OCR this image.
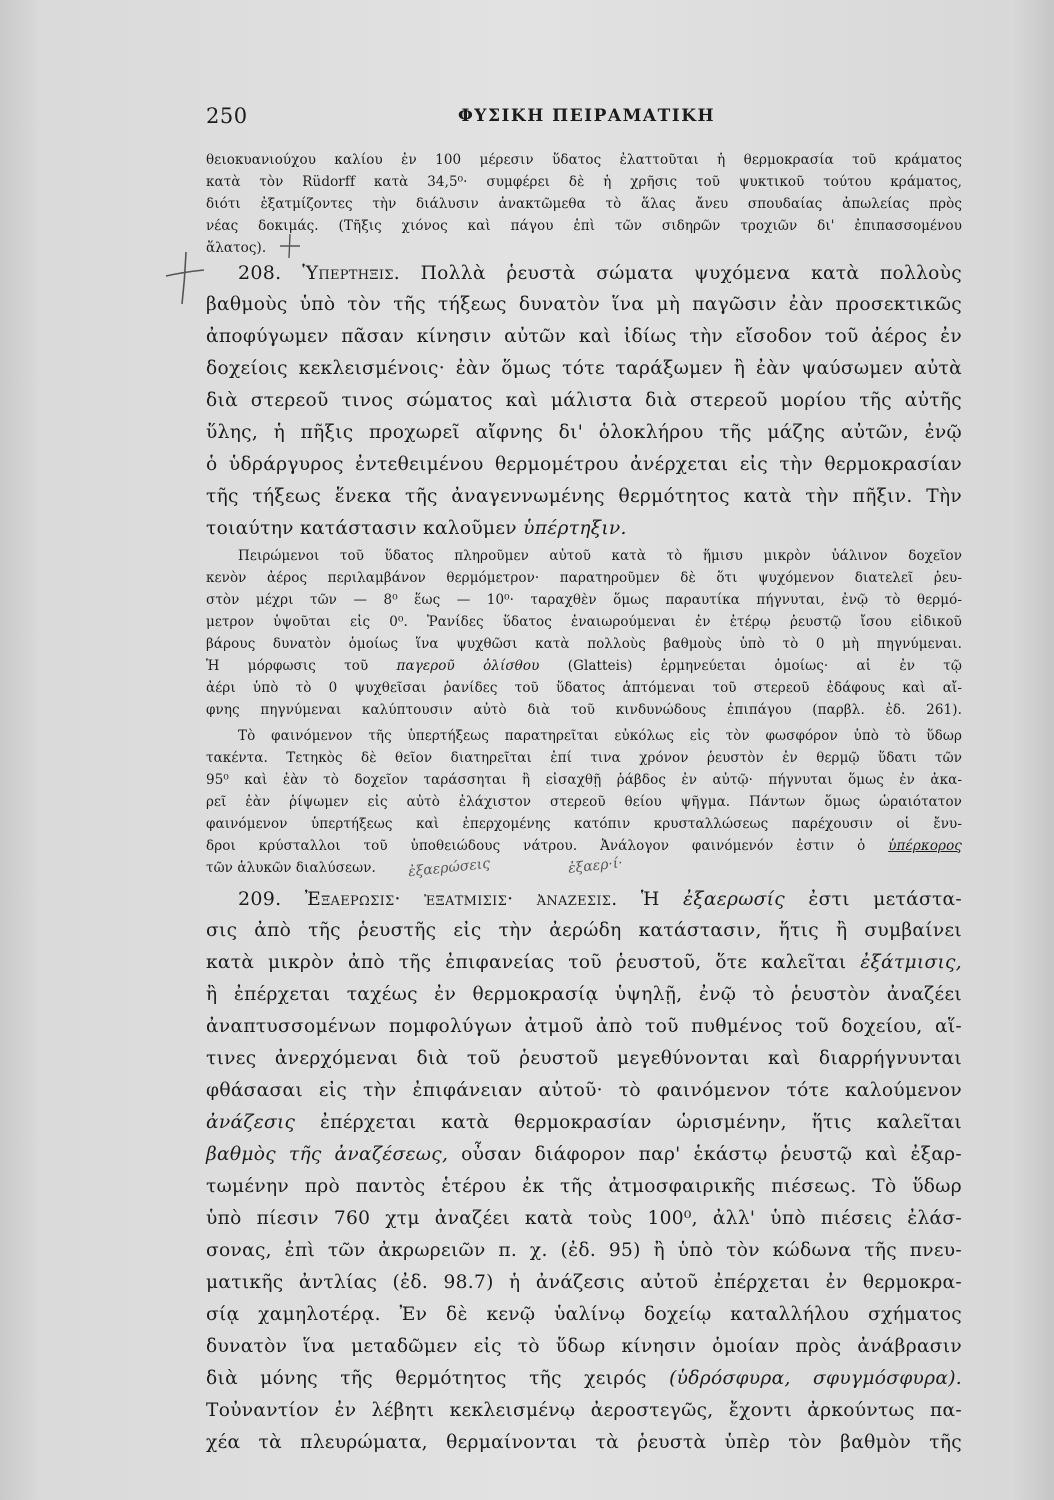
250	ΦΥΣΙΚΗ ΠΕΙΡΑΜΑΤΙΚΗ
θειοκυανιούχου καλίου ἐν 100 μέρεσιν ὕδατος ἐλαττοῦται ἡ θερμοκρασία τοῦ κράματος
κατὰ τὸν Rüdorff κατὰ 34,5⁰· συμφέρει δὲ ἡ χρῆσις τοῦ ψυκτικοῦ τούτου κράματος,
διότι ἐξατμίζοντες τὴν διάλυσιν ἀνακτῶμεθα τὸ ἅλας ἄνευ σπουδαίας ἀπωλείας πρὸς
νέας δοκιμάς. (Τῆξις χιόνος καὶ πάγου ἐπὶ τῶν σιδηρῶν τροχιῶν δι' ἐπιπασσομένου
ἅλατος).
208. Ὑπερτηξις. Πολλὰ ῥευστὰ σώματα ψυχόμενα κατὰ πολλοὺς
βαθμοὺς ὑπὸ τὸν τῆς τήξεως δυνατὸν ἵνα μὴ παγῶσιν ἐὰν προσεκτικῶς
ἀποφύγωμεν πᾶσαν κίνησιν αὐτῶν καὶ ἰδίως τὴν εἴσοδον τοῦ ἀέρος ἐν
δοχείοις κεκλεισμένοις· ἐὰν ὅμως τότε ταράξωμεν ἢ ἐὰν ψαύσωμεν αὐτὰ
διὰ στερεοῦ τινος σώματος καὶ μάλιστα διὰ στερεοῦ μορίου τῆς αὐτῆς
ὕλης, ἡ πῆξις προχωρεῖ αἴφνης δι' ὁλοκλήρου τῆς μάζης αὐτῶν, ἐνῷ
ὁ ὑδράργυρος ἐντεθειμένου θερμομέτρου ἀνέρχεται εἰς τὴν θερμοκρασίαν
τῆς τήξεως ἕνεκα τῆς ἀναγεννωμένης θερμότητος κατὰ τὴν πῆξιν. Τὴν
τοιαύτην κατάστασιν καλοῦμεν ὑπέρτηξιν.
Πειρώμενοι τοῦ ὕδατος πληροῦμεν αὐτοῦ κατὰ τὸ ἥμισυ μικρὸν ὑάλινον δοχεῖον
κενὸν ἀέρος περιλαμβάνον θερμόμετρον· παρατηροῦμεν δὲ ὅτι ψυχόμενον διατελεῖ ῥευ-
στὸν μέχρι τῶν — 8⁰ ἕως — 10⁰· ταραχθὲν ὅμως παραυτίκα πήγνυται, ἐνῷ τὸ θερμό-
μετρον ὑψοῦται εἰς 0⁰. Ῥανίδες ὕδατος ἐναιωρούμεναι ἐν ἑτέρῳ ῥευστῷ ἴσου εἰδικοῦ
βάρους δυνατὸν ὁμοίως ἵνα ψυχθῶσι κατὰ πολλοὺς βαθμοὺς ὑπὸ τὸ 0 μὴ πηγνύμεναι.
Ἡ μόρφωσις τοῦ παγεροῦ ὀλίσθου (Glatteis) ἑρμηνεύεται ὁμοίως· αἱ ἐν τῷ
ἀέρι ὑπὸ τὸ 0 ψυχθεῖσαι ῥανίδες τοῦ ὕδατος ἁπτόμεναι τοῦ στερεοῦ ἐδάφους καὶ αἴ-
φνης πηγνύμεναι καλύπτουσιν αὐτὸ διὰ τοῦ κινδυνώδους ἐπιπάγου (παρβλ. ἐδ. 261).
Τὸ φαινόμενον τῆς ὑπερτήξεως παρατηρεῖται εὐκόλως εἰς τὸν φωσφόρον ὑπὸ τὸ ὕδωρ
τακέντα. Τετηκὸς δὲ θεῖον διατηρεῖται ἐπί τινα χρόνον ῥευστὸν ἐν θερμῷ ὕδατι τῶν
95⁰ καὶ ἐὰν τὸ δοχεῖον ταράσσηται ἢ εἰσαχθῇ ῥάβδος ἐν αὐτῷ· πήγνυται ὅμως ἐν ἀκα-
ρεῖ ἐὰν ῥίψωμεν εἰς αὐτὸ ἐλάχιστον στερεοῦ θείου ψῆγμα. Πάντων ὅμως ὡραιότατον
φαινόμενον ὑπερτήξεως καὶ ἐπερχομένης κατόπιν κρυσταλλώσεως παρέχουσιν οἱ ἔνυ-
δροι κρύσταλλοι τοῦ ὑποθειώδους νάτρου. Ἀνάλογον φαινόμενόν ἐστιν ὁ ὑπέρκορος
τῶν ἁλυκῶν διαλύσεων.	ἐξαερώσεις	ἐξαερ·ί·
209. Ἐξαερωσις· ἐξατμισις· ἀναζεσις. Ἡ ἐξαερωσίς ἐστι μετάστα-
σις ἀπὸ τῆς ῥευστῆς εἰς τὴν ἀερώδη κατάστασιν, ἥτις ἢ συμβαίνει
κατὰ μικρὸν ἀπὸ τῆς ἐπιφανείας τοῦ ῥευστοῦ, ὅτε καλεῖται ἐξάτμισις,
ἢ ἐπέρχεται ταχέως ἐν θερμοκρασίᾳ ὑψηλῇ, ἐνῷ τὸ ῥευστὸν ἀναζέει
ἀναπτυσσομένων πομφολύγων ἀτμοῦ ἀπὸ τοῦ πυθμένος τοῦ δοχείου, αἵ-
τινες ἀνερχόμεναι διὰ τοῦ ῥευστοῦ μεγεθύνονται καὶ διαρρήγνυνται
φθάσασαι εἰς τὴν ἐπιφάνειαν αὐτοῦ· τὸ φαινόμενον τότε καλούμενον
ἀνάζεσις ἐπέρχεται κατὰ θερμοκρασίαν ὡρισμένην, ἥτις καλεῖται
βαθμὸς τῆς ἀναζέσεως, οὖσαν διάφορον παρ' ἑκάστῳ ῥευστῷ καὶ ἐξαρ-
τωμένην πρὸ παντὸς ἑτέρου ἐκ τῆς ἀτμοσφαιρικῆς πιέσεως. Τὸ ὕδωρ
ὑπὸ πίεσιν 760 χτμ ἀναζέει κατὰ τοὺς 100⁰, ἀλλ' ὑπὸ πιέσεις ἐλάσ-
σονας, ἐπὶ τῶν ἀκρωρειῶν π. χ. (ἐδ. 95) ἢ ὑπὸ τὸν κώδωνα τῆς πνευ-
ματικῆς ἀντλίας (ἐδ. 98.7) ἡ ἀνάζεσις αὐτοῦ ἐπέρχεται ἐν θερμοκρα-
σίᾳ χαμηλοτέρᾳ. Ἐν δὲ κενῷ ὑαλίνῳ δοχείῳ καταλλήλου σχήματος
δυνατὸν ἵνα μεταδῶμεν εἰς τὸ ὕδωρ κίνησιν ὁμοίαν πρὸς ἀνάβρασιν
διὰ μόνης τῆς θερμότητος τῆς χειρός (ὑδρόσφυρα, σφυγμόσφυρα).
Τοὐναντίον ἐν λέβητι κεκλεισμένῳ ἀεροστεγῶς, ἔχοντι ἀρκούντως πα-
χέα τὰ πλευρώματα, θερμαίνονται τὰ ῥευστὰ ὑπὲρ τὸν βαθμὸν τῆς
